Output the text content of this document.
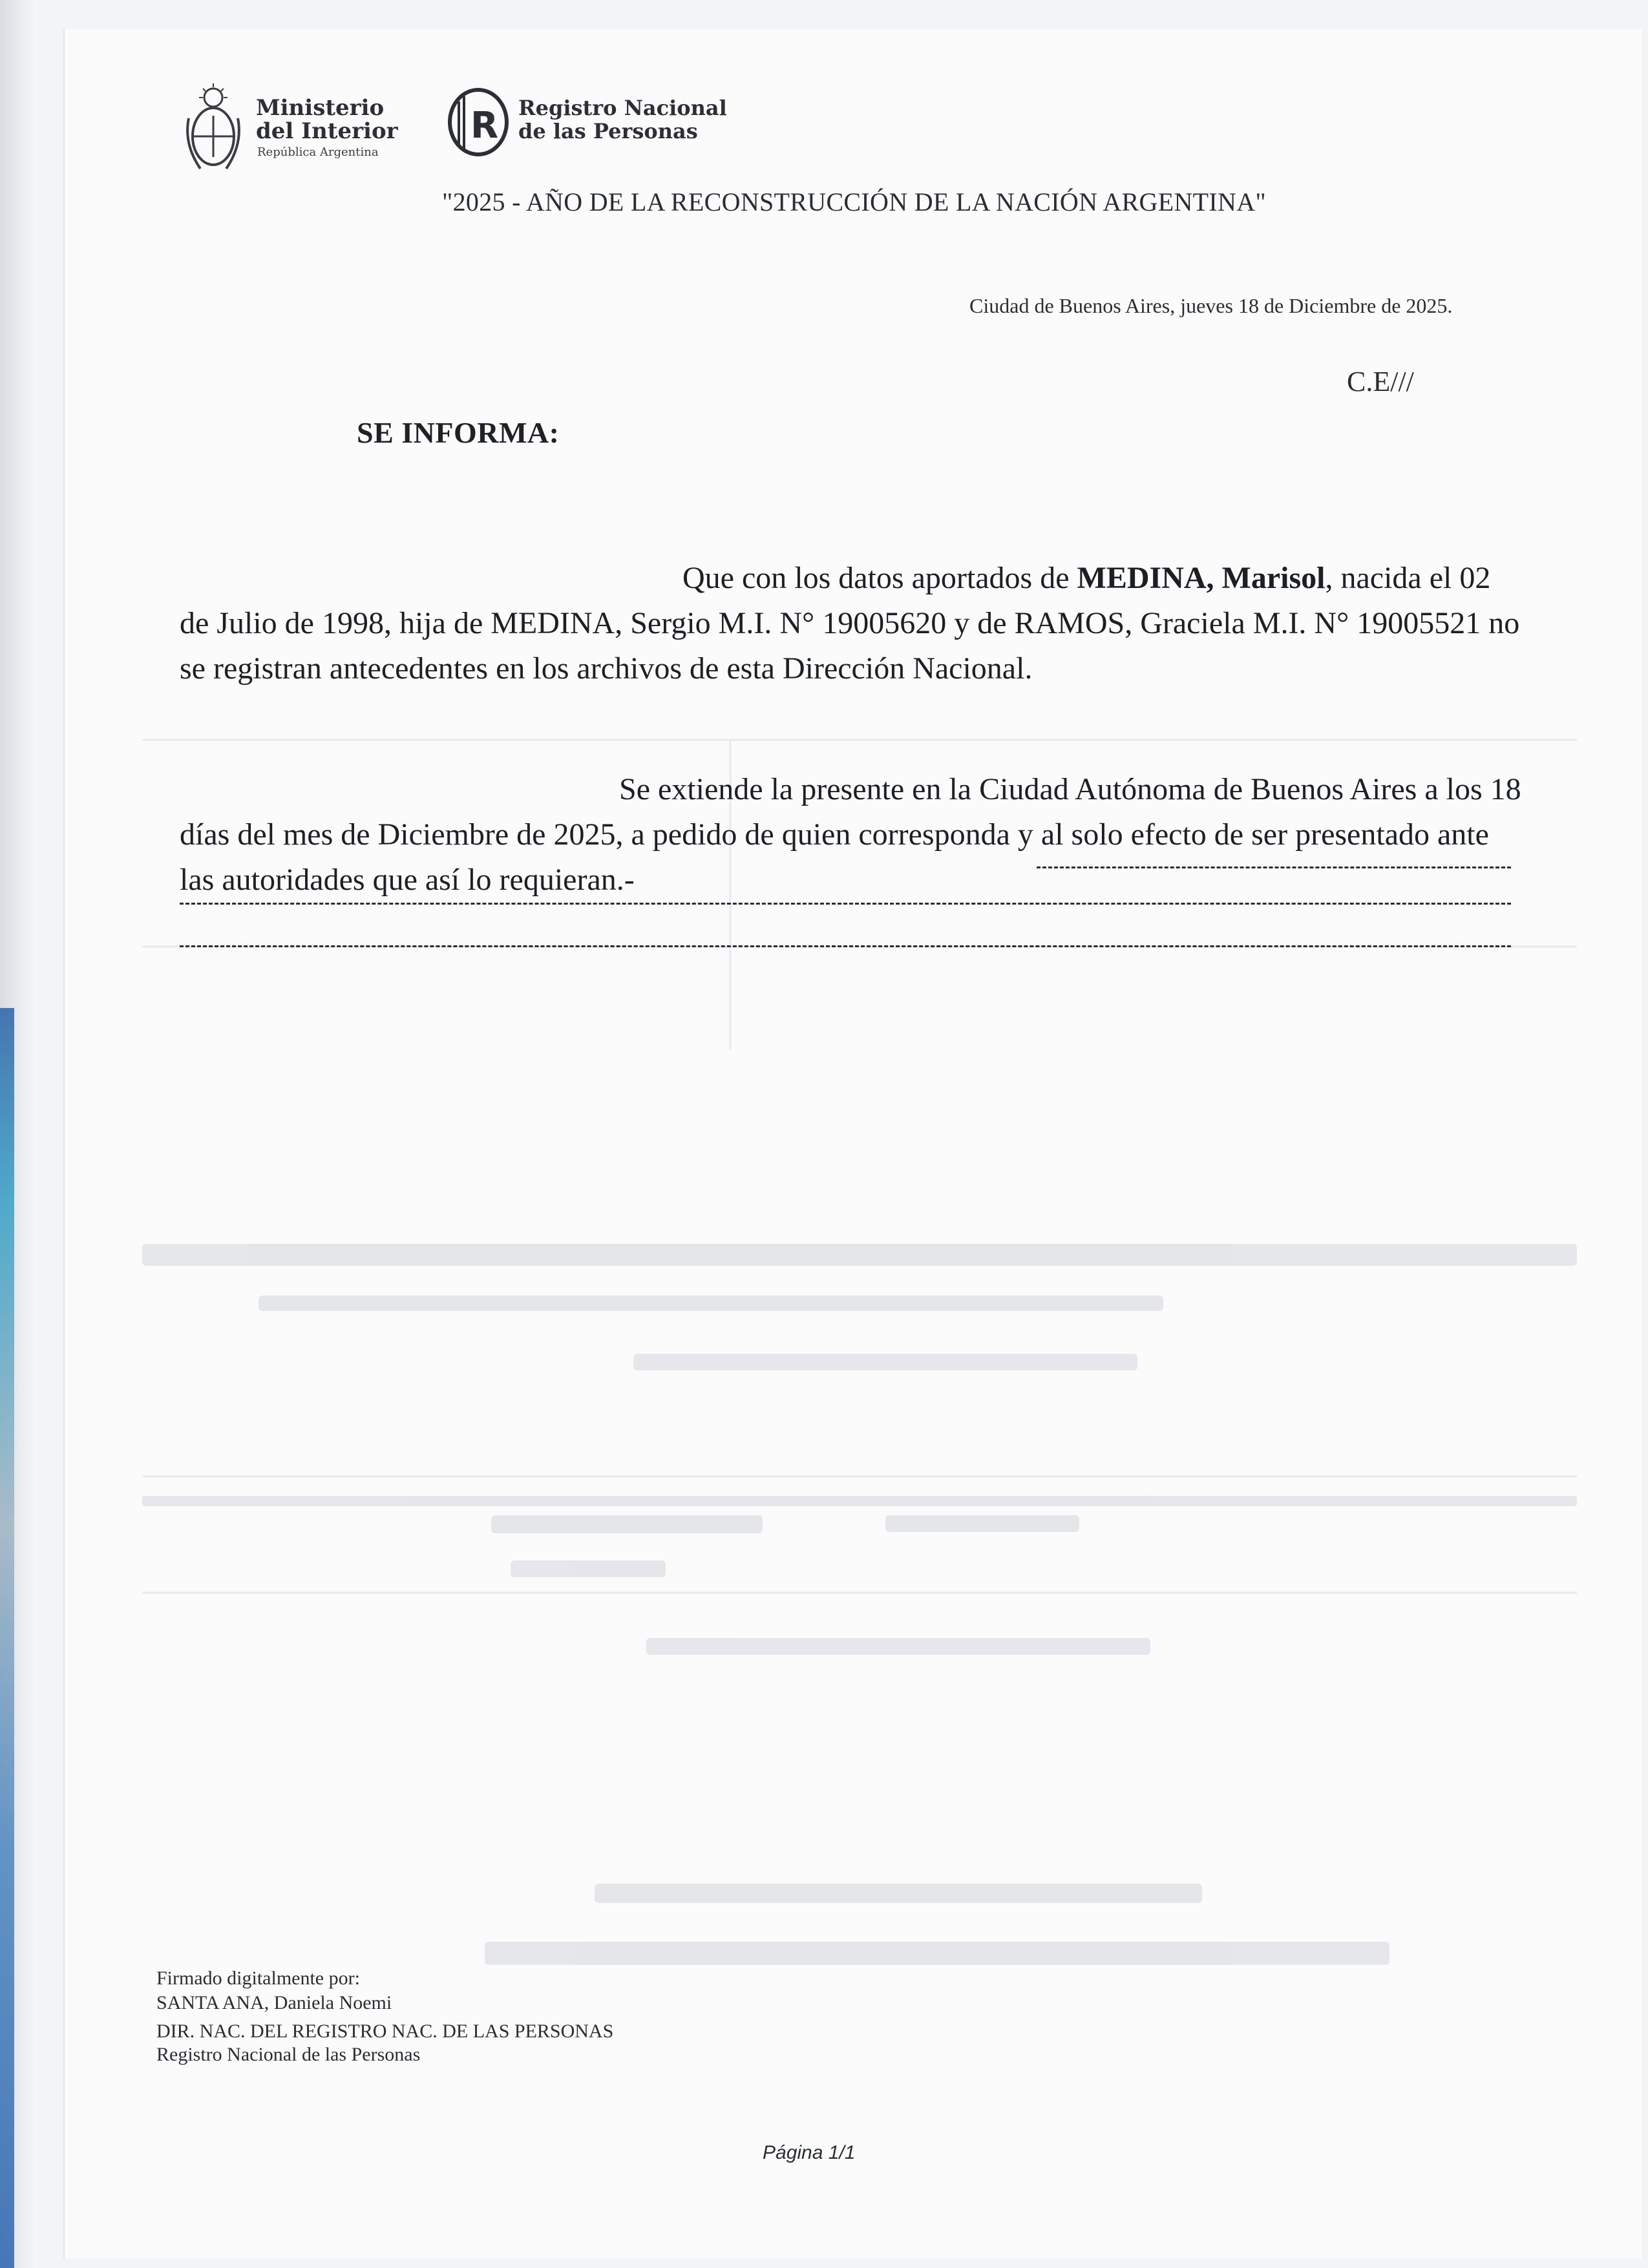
Ministerio
del Interior
República Argentina
R Registro Nacional
de las Personas
"2025 - AÑO DE LA RECONSTRUCCIÓN DE LA NACIÓN ARGENTINA"
Ciudad de Buenos Aires, jueves 18 de Diciembre de 2025.
C.E///
SE INFORMA:
Que con los datos aportados de MEDINA, Marisol, nacida el 02 de Julio de 1998, hija de MEDINA, Sergio M.I. N° 19005620 y de RAMOS, Graciela M.I. N° 19005521 no se registran antecedentes en los archivos de esta Dirección Nacional.
Se extiende la presente en la Ciudad Autónoma de Buenos Aires a los 18 días del mes de Diciembre de 2025, a pedido de quien corresponda y al solo efecto de ser presentado ante las autoridades que así lo requieran.-
Firmado digitalmente por:
SANTA ANA, Daniela Noemi
DIR. NAC. DEL REGISTRO NAC. DE LAS PERSONAS
Registro Nacional de las Personas
Página 1/1
